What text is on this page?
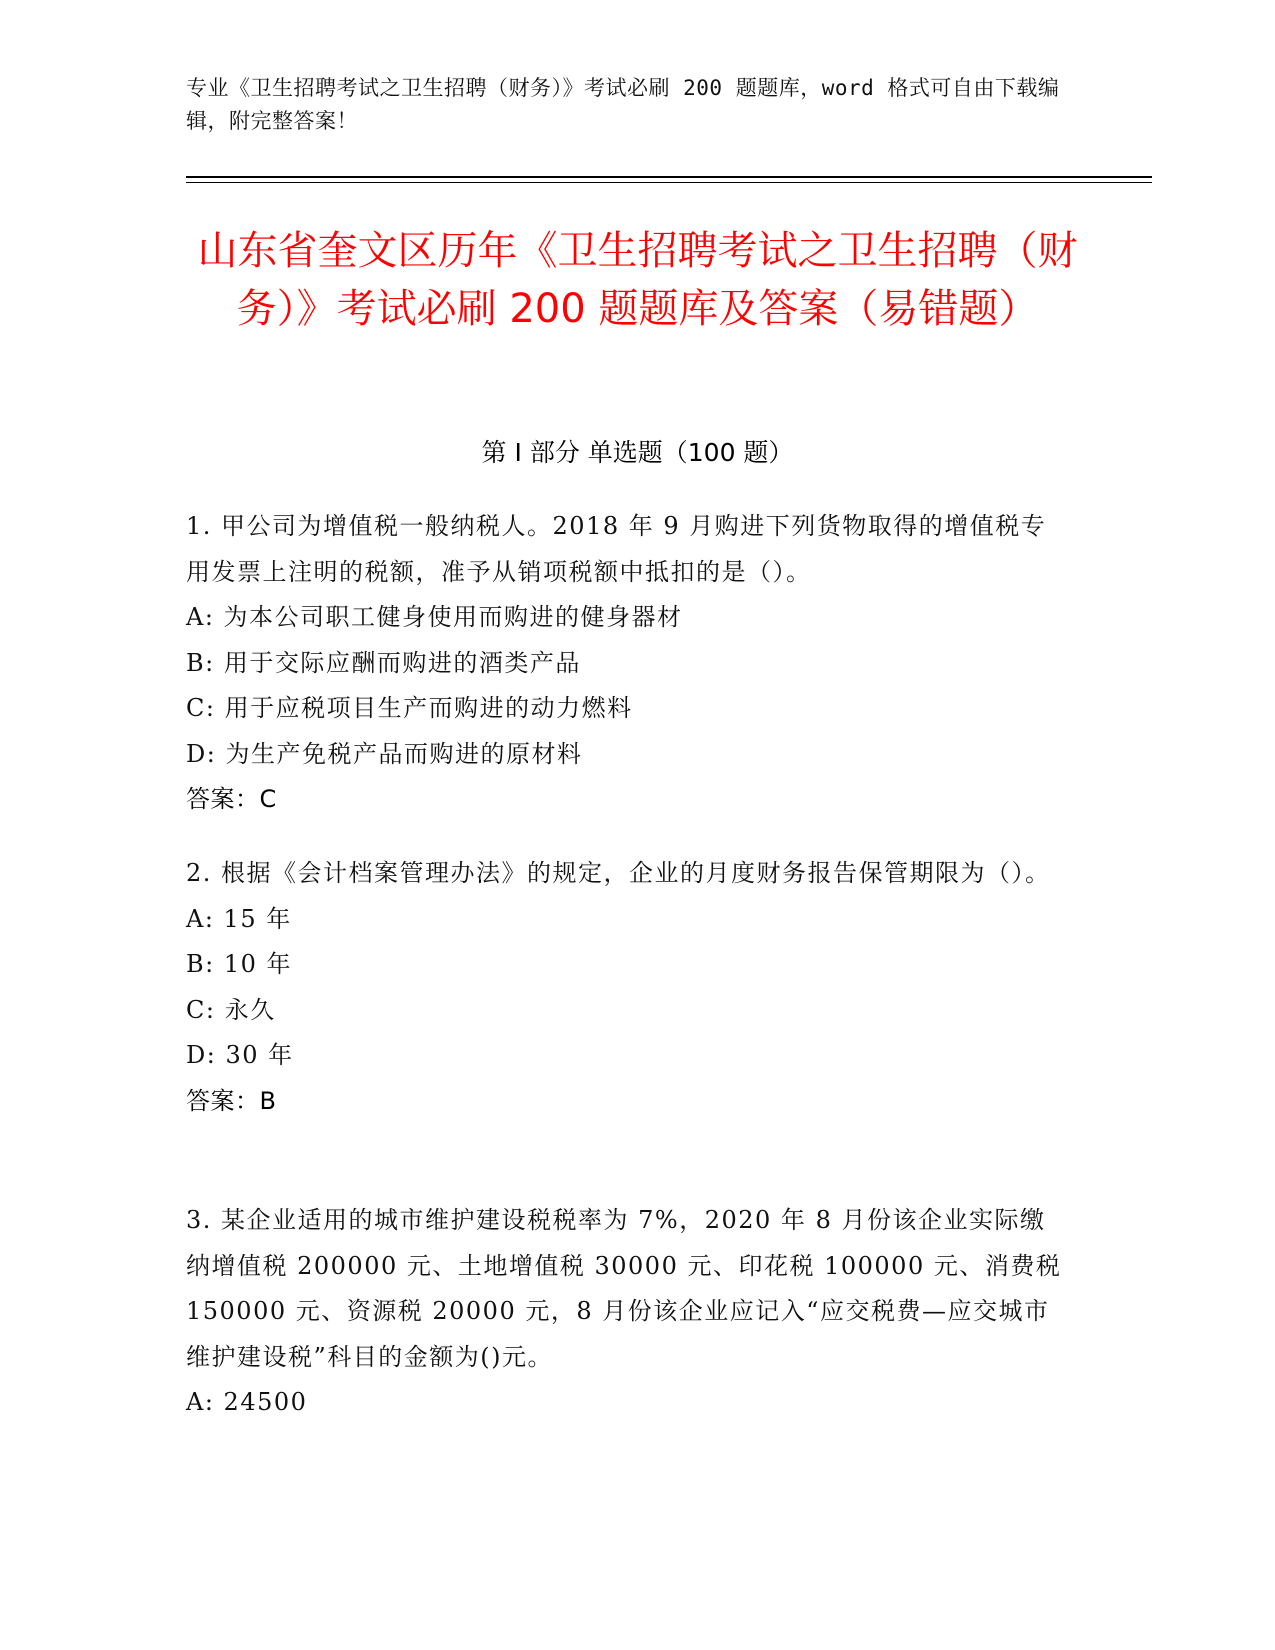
专业《卫生招聘考试之卫生招聘（财务）》考试必刷 200 题题库，word 格式可自由下载编辑，附完整答案！
山东省奎文区历年《卫生招聘考试之卫生招聘（财务）》考试必刷 200 题题库及答案（易错题）
第 I 部分 单选题（100 题）
1. 甲公司为增值税一般纳税人。2018 年 9 月购进下列货物取得的增值税专用发票上注明的税额，准予从销项税额中抵扣的是（）。
A: 为本公司职工健身使用而购进的健身器材
B: 用于交际应酬而购进的酒类产品
C: 用于应税项目生产而购进的动力燃料
D: 为生产免税产品而购进的原材料
答案：C
2. 根据《会计档案管理办法》的规定，企业的月度财务报告保管期限为（）。
A: 15 年
B: 10 年
C: 永久
D: 30 年
答案：B
3. 某企业适用的城市维护建设税税率为 7%，2020 年 8 月份该企业实际缴纳增值税 200000 元、土地增值税 30000 元、印花税 100000 元、消费税 150000 元、资源税 20000 元，8 月份该企业应记入“应交税费—应交城市维护建设税”科目的金额为()元。
A: 24500
